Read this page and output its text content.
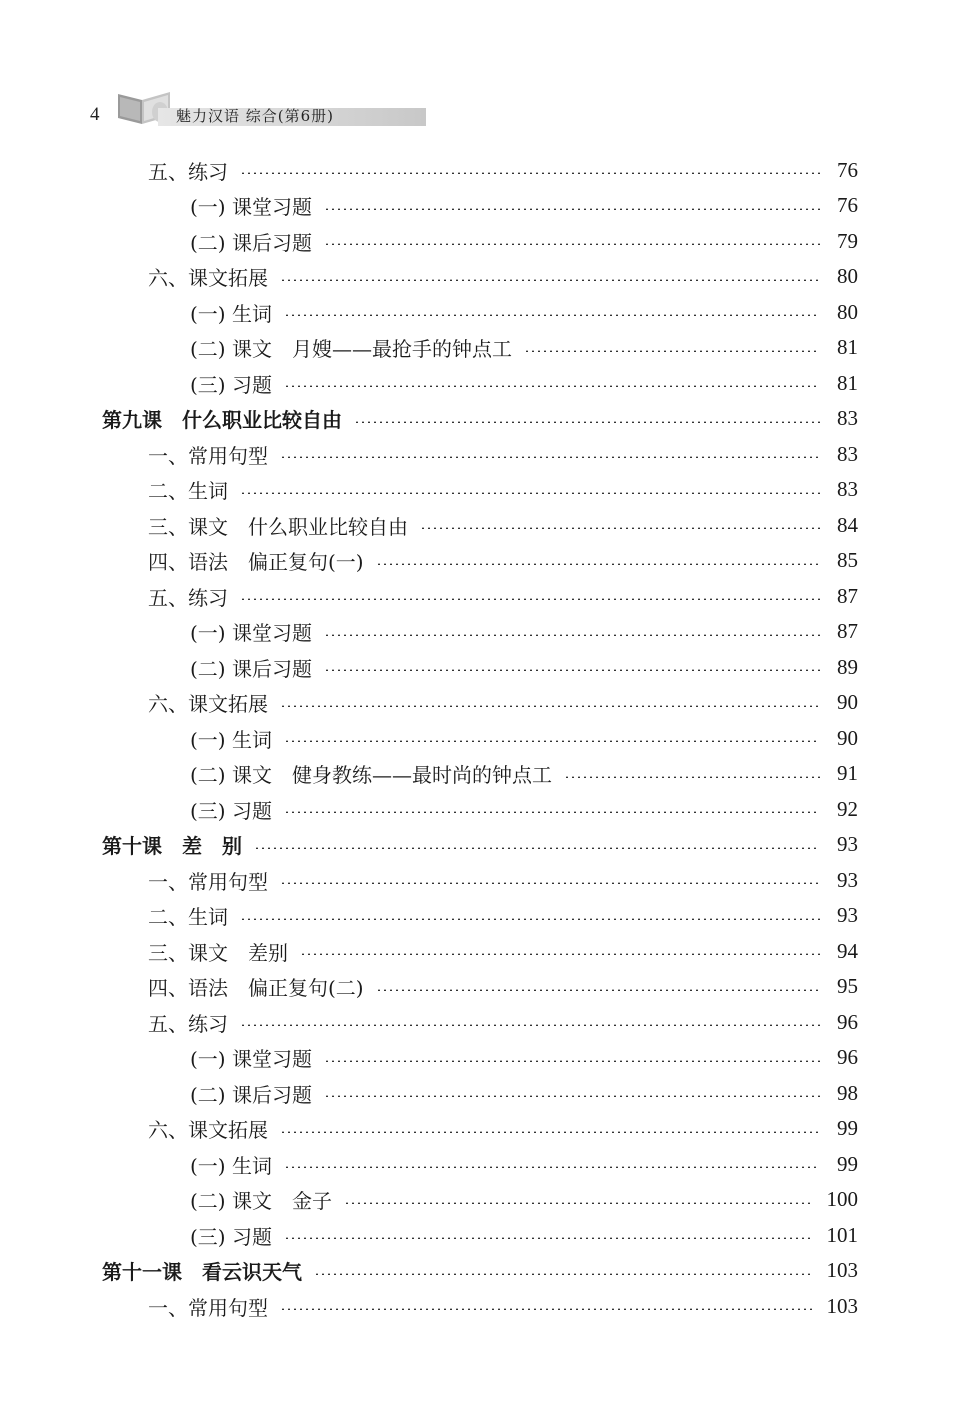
4	魅力汉语 综合(第6册)
五、练习	76
(一) 课堂习题	76
(二) 课后习题	79
六、课文拓展	80
(一) 生词	80
(二) 课文　月嫂——最抢手的钟点工	81
(三) 习题	81
第九课　什么职业比较自由	83
一、常用句型	83
二、生词	83
三、课文　什么职业比较自由	84
四、语法　偏正复句(一)	85
五、练习	87
(一) 课堂习题	87
(二) 课后习题	89
六、课文拓展	90
(一) 生词	90
(二) 课文　健身教练——最时尚的钟点工	91
(三) 习题	92
第十课　差　别	93
一、常用句型	93
二、生词	93
三、课文　差别	94
四、语法　偏正复句(二)	95
五、练习	96
(一) 课堂习题	96
(二) 课后习题	98
六、课文拓展	99
(一) 生词	99
(二) 课文　金子	100
(三) 习题	101
第十一课　看云识天气	103
一、常用句型	103
